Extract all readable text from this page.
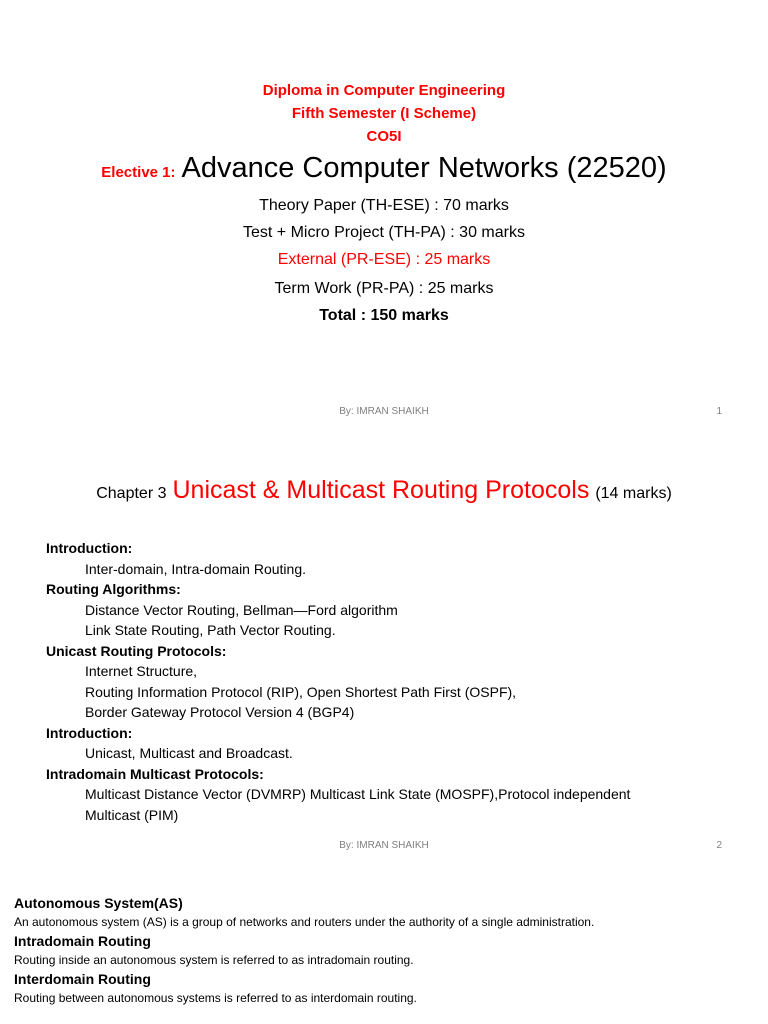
Diploma in Computer Engineering
Fifth Semester (I Scheme)
CO5I
Elective 1: Advance Computer Networks (22520)
Theory Paper (TH-ESE) : 70 marks
Test + Micro Project (TH-PA) : 30 marks
External (PR-ESE) : 25 marks
Term Work (PR-PA) : 25 marks
Total : 150 marks
By: IMRAN SHAIKH	1
Chapter 3 Unicast & Multicast Routing Protocols (14 marks)
Introduction:
Inter-domain, Intra-domain Routing.
Routing Algorithms:
Distance Vector Routing, Bellman—Ford algorithm
Link State Routing, Path Vector Routing.
Unicast Routing Protocols:
Internet Structure,
Routing Information Protocol (RIP), Open Shortest Path First (OSPF),
Border Gateway Protocol Version 4 (BGP4)
Introduction:
Unicast, Multicast and Broadcast.
Intradomain Multicast Protocols:
Multicast Distance Vector (DVMRP) Multicast Link State (MOSPF),Protocol independent
Multicast (PIM)
By: IMRAN SHAIKH	2
Autonomous System(AS)
An autonomous system (AS) is a group of networks and routers under the authority of a single administration.
Intradomain Routing
Routing inside an autonomous system is referred to as intradomain routing.
Interdomain Routing
Routing between autonomous systems is referred to as interdomain routing.
